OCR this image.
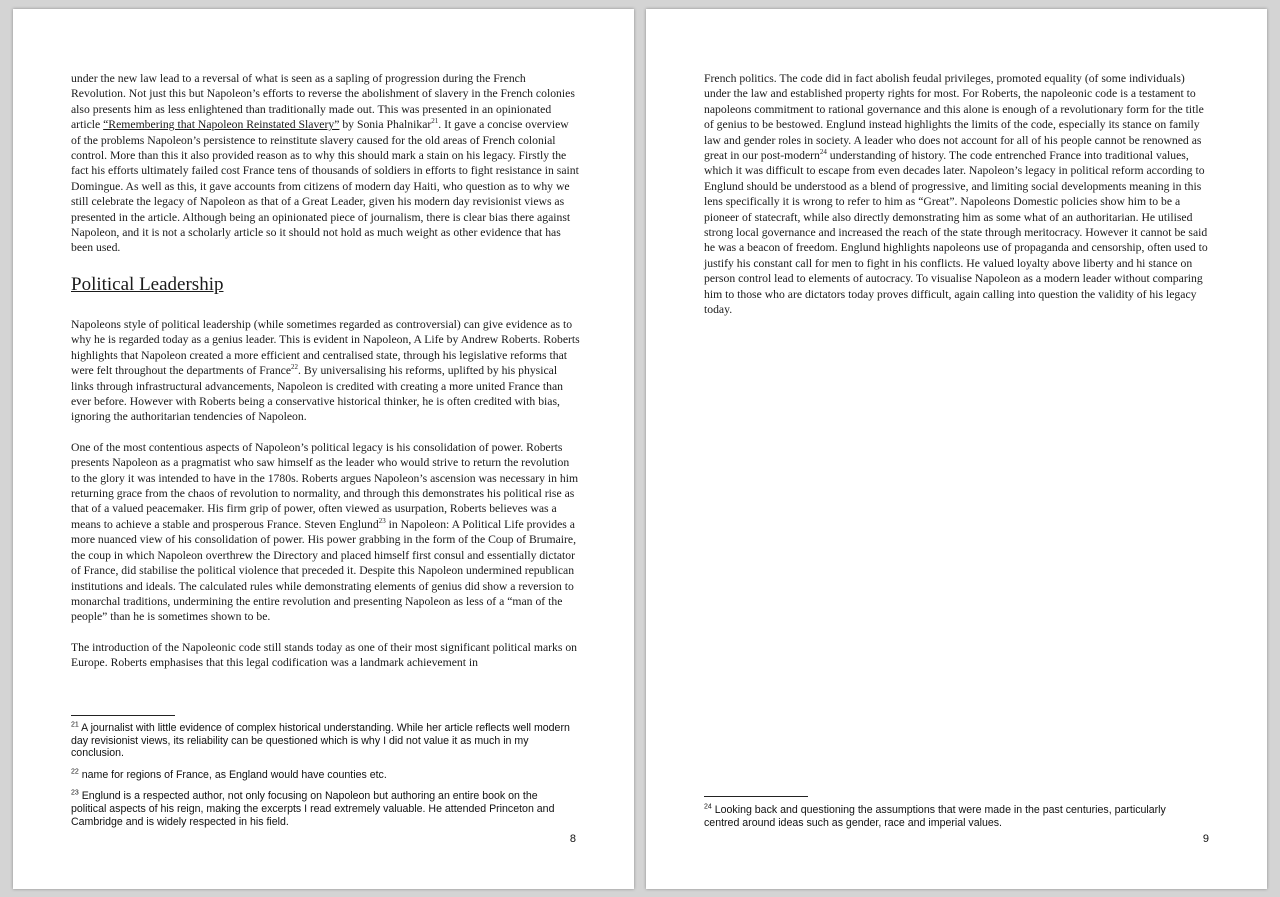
under the new law lead to a reversal of what is seen as a sapling of progression during the French Revolution. Not just this but Napoleon’s efforts to reverse the abolishment of slavery in the French colonies also presents him as less enlightened than traditionally made out. This was presented in an opinionated article “Remembering that Napoleon Reinstated Slavery” by Sonia Phalnikar$^{21}$. It gave a concise overview of the problems Napoleon’s persistence to reinstitute slavery caused for the old areas of French colonial control. More than this it also provided reason as to why this should mark a stain on his legacy. Firstly the fact his efforts ultimately failed cost France tens of thousands of soldiers in efforts to fight resistance in saint Domingue. As well as this, it gave accounts from citizens of modern day Haiti, who question as to why we still celebrate the legacy of Napoleon as that of a Great Leader, given his modern day revisionist views as presented in the article. Although being an opinionated piece of journalism, there is clear bias there against Napoleon, and it is not a scholarly article so it should not hold as much weight as other evidence that has been used.

Political Leadership

Napoleons style of political leadership (while sometimes regarded as controversial) can give evidence as to why he is regarded today as a genius leader. This is evident in Napoleon, A Life by Andrew Roberts. Roberts highlights that Napoleon created a more efficient and centralised state, through his legislative reforms that were felt throughout the departments of France$^{22}$. By universalising his reforms, uplifted by his physical links through infrastructural advancements, Napoleon is credited with creating a more united France than ever before. However with Roberts being a conservative historical thinker, he is often credited with bias, ignoring the authoritarian tendencies of Napoleon.

One of the most contentious aspects of Napoleon’s political legacy is his consolidation of power. Roberts presents Napoleon as a pragmatist who saw himself as the leader who would strive to return the revolution to the glory it was intended to have in the 1780s. Roberts argues Napoleon’s ascension was necessary in him returning grace from the chaos of revolution to normality, and through this demonstrates his political rise as that of a valued peacemaker. His firm grip of power, often viewed as usurpation, Roberts believes was a means to achieve a stable and prosperous France. Steven Englund$^{23}$ in Napoleon: A Political Life provides a more nuanced view of his consolidation of power. His power grabbing in the form of the Coup of Brumaire, the coup in which Napoleon overthrew the Directory and placed himself first consul and essentially dictator of France, did stabilise the political violence that preceded it. Despite this Napoleon undermined republican institutions and ideals. The calculated rules while demonstrating elements of genius did show a reversion to monarchal traditions, undermining the entire revolution and presenting Napoleon as less of a “man of the people” than he is sometimes shown to be.

The introduction of the Napoleonic code still stands today as one of their most significant political marks on Europe. Roberts emphasises that this legal codification was a landmark achievement in

$^{21}$ A journalist with little evidence of complex historical understanding. While her article reflects well modern day revisionist views, its reliability can be questioned which is why I did not value it as much in my conclusion.

$^{22}$ name for regions of France, as England would have counties etc.

$^{23}$ Englund is a respected author, not only focusing on Napoleon but authoring an entire book on the political aspects of his reign, making the excerpts I read extremely valuable. He attended Princeton and Cambridge and is widely respected in his field.

8

French politics. The code did in fact abolish feudal privileges, promoted equality (of some individuals) under the law and established property rights for most. For Roberts, the napoleonic code is a testament to napoleons commitment to rational governance and this alone is enough of a revolutionary form for the title of genius to be bestowed. Englund instead highlights the limits of the code, especially its stance on family law and gender roles in society. A leader who does not account for all of his people cannot be renowned as great in our post-modern$^{24}$ understanding of history. The code entrenched France into traditional values, which it was difficult to escape from even decades later. Napoleon’s legacy in political reform according to Englund should be understood as a blend of progressive, and limiting social developments meaning in this lens specifically it is wrong to refer to him as “Great”. Napoleons Domestic policies show him to be a pioneer of statecraft, while also directly demonstrating him as some what of an authoritarian. He utilised strong local governance and increased the reach of the state through meritocracy. However it cannot be said he was a beacon of freedom. Englund highlights napoleons use of propaganda and censorship, often used to justify his constant call for men to fight in his conflicts. He valued loyalty above liberty and hi stance on person control lead to elements of autocracy. To visualise Napoleon as a modern leader without comparing him to those who are dictators today proves difficult, again calling into question the validity of his legacy today.

$^{24}$ Looking back and questioning the assumptions that were made in the past centuries, particularly centred around ideas such as gender, race and imperial values.

9
